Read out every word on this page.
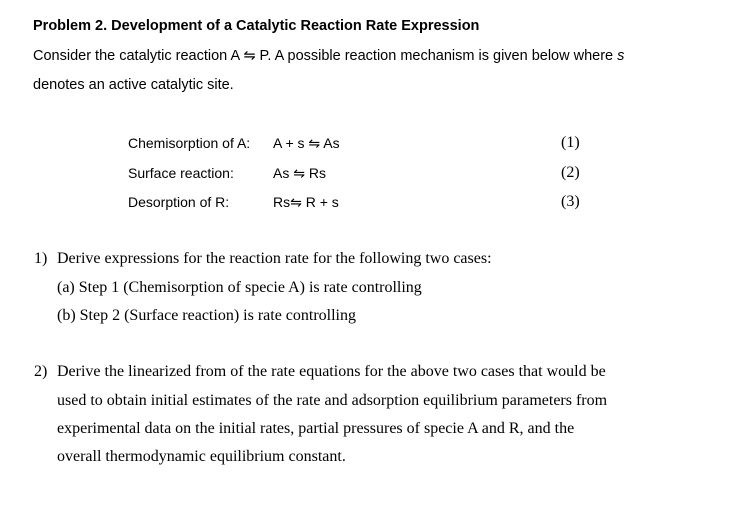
Problem 2. Development of a Catalytic Reaction Rate Expression
Consider the catalytic reaction A ⇋ P. A possible reaction mechanism is given below where s
denotes an active catalytic site.
Chemisorption of A: A + s ⇋ As	(1)
Surface reaction:	As ⇋ Rs	(2)
Desorption of R:	Rs⇋ R + s	(3)
1) Derive expressions for the reaction rate for the following two cases:
(a) Step 1 (Chemisorption of specie A) is rate controlling
(b) Step 2 (Surface reaction) is rate controlling
2) Derive the linearized from of the rate equations for the above two cases that would be
used to obtain initial estimates of the rate and adsorption equilibrium parameters from
experimental data on the initial rates, partial pressures of specie A and R, and the
overall thermodynamic equilibrium constant.
